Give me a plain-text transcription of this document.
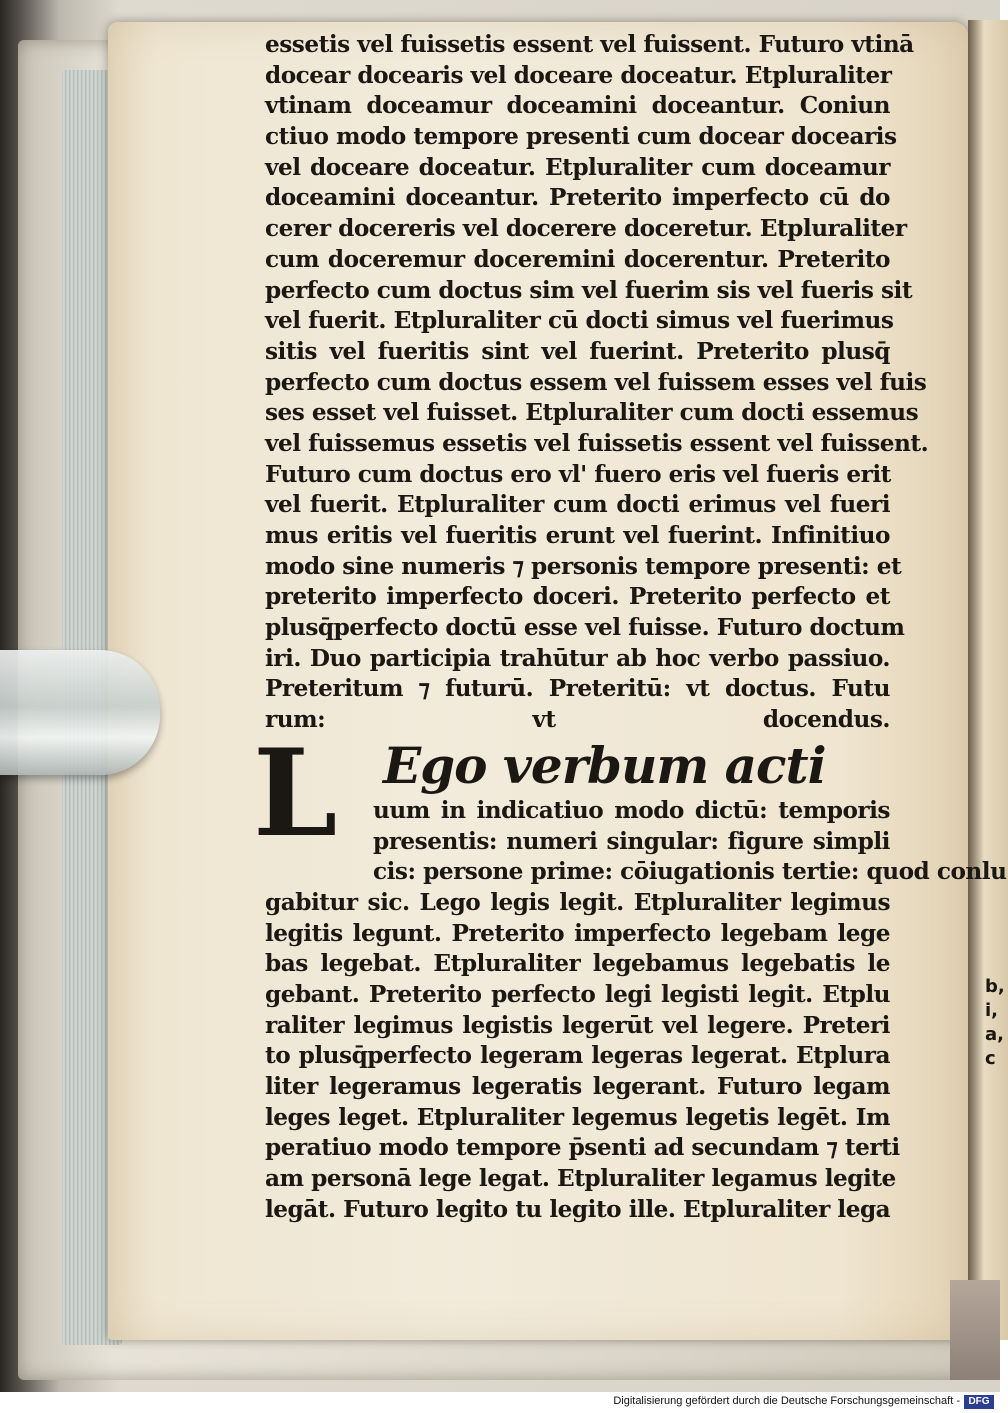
b,i,a,c
essetis vel fuissetis essent vel fuissent. Futuro vtinā
docear docearis vel doceare doceatur. Etpluraliter
vtinam doceamur doceamini doceantur. Coniun
ctiuo modo tempore presenti cum docear docearis
vel doceare doceatur. Etpluraliter cum doceamur
doceamini doceantur. Preterito imperfecto cū do
cerer docereris vel docerere doceretur. Etpluraliter
cum doceremur doceremini docerentur. Preterito
perfecto cum doctus sim vel fuerim sis vel fueris sit
vel fuerit. Etpluraliter cū docti simus vel fuerimus
sitis vel fueritis sint vel fuerint. Preterito plusq̄
perfecto cum doctus essem vel fuissem esses vel fuis
ses esset vel fuisset. Etpluraliter cum docti essemus
vel fuissemus essetis vel fuissetis essent vel fuissent.
Futuro cum doctus ero vl' fuero eris vel fueris erit
vel fuerit. Etpluraliter cum docti erimus vel fueri
mus eritis vel fueritis erunt vel fuerint. Infinitiuo
modo sine numeris ⁊ personis tempore presenti: et
preterito imperfecto doceri. Preterito perfecto et
plusq̄perfecto doctū esse vel fuisse. Futuro doctum
iri. Duo participia trahūtur ab hoc verbo passiuo.
Preteritum ⁊ futurū. Preteritū: vt doctus. Futu
rum: vt docendus.
L Ego verbum acti
uum in indicatiuo modo dictū: temporis
presentis: numeri singular: figure simpli
cis: persone prime: cōiugationis tertie: quod conlu
gabitur sic. Lego legis legit. Etpluraliter legimus
legitis legunt. Preterito imperfecto legebam lege
bas legebat. Etpluraliter legebamus legebatis le
gebant. Preterito perfecto legi legisti legit. Etplu
raliter legimus legistis legerūt vel legere. Preteri
to plusq̄perfecto legeram legeras legerat. Etplura
liter legeramus legeratis legerant. Futuro legam
leges leget. Etpluraliter legemus legetis legēt. Im
peratiuo modo tempore p̄senti ad secundam ⁊ terti
am personā lege legat. Etpluraliter legamus legite
legāt. Futuro legito tu legito ille. Etpluraliter lega
Digitalisierung gefördert durch die Deutsche Forschungsgemeinschaft - DFG
